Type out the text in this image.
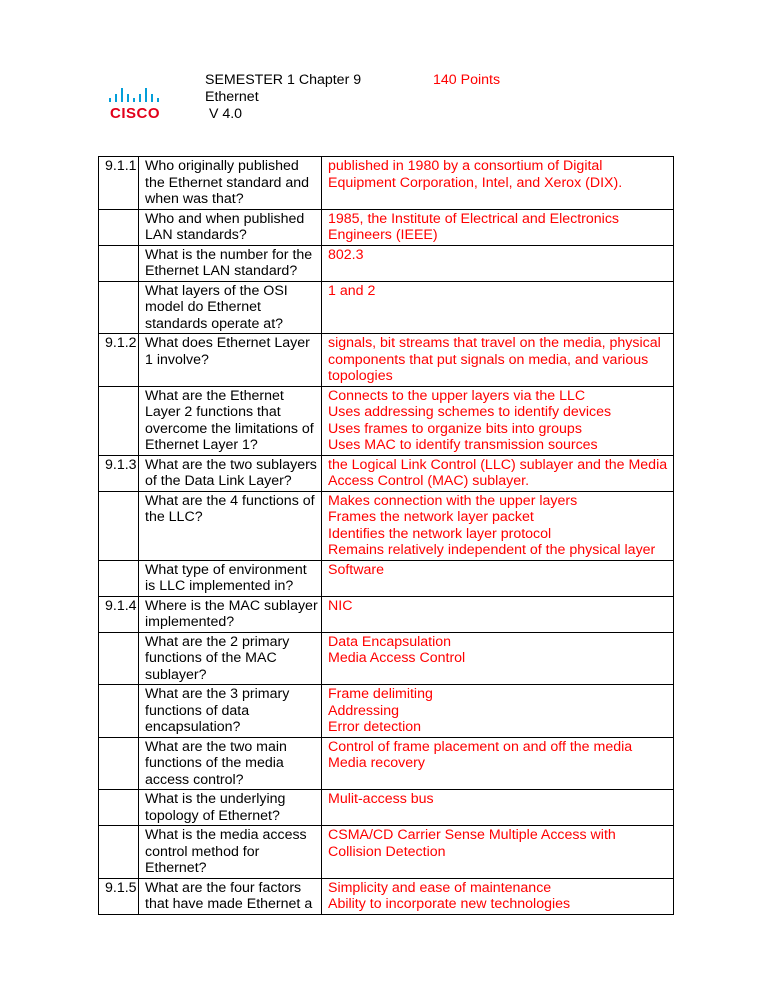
CISCO
SEMESTER 1 Chapter 9
Ethernet
V 4.0
140 Points
9.1.1	Who originally published the Ethernet standard and when was that?	published in 1980 by a consortium of Digital Equipment Corporation, Intel, and Xerox (DIX).

	Who and when published LAN standards?	1985, the Institute of Electrical and Electronics Engineers (IEEE)

	What is the number for the Ethernet LAN standard?	802.3

	What layers of the OSI model do Ethernet standards operate at?	1 and 2

9.1.2	What does Ethernet Layer 1 involve?	signals, bit streams that travel on the media, physical components that put signals on media, and various topologies

	What are the Ethernet Layer 2 functions that overcome the limitations of Ethernet Layer 1?	Connects to the upper layers via the LLC
Uses addressing schemes to identify devices
Uses frames to organize bits into groups
Uses MAC to identify transmission sources

9.1.3	What are the two sublayers of the Data Link Layer?	the Logical Link Control (LLC) sublayer and the Media Access Control (MAC) sublayer.

	What are the 4 functions of the LLC?	Makes connection with the upper layers
Frames the network layer packet
Identifies the network layer protocol
Remains relatively independent of the physical layer

	What type of environment is LLC implemented in?	Software

9.1.4	Where is the MAC sublayer implemented?	NIC

	What are the 2 primary functions of the MAC sublayer?	Data Encapsulation
Media Access Control

	What are the 3 primary functions of data encapsulation?	Frame delimiting
Addressing
Error detection

	What are the two main functions of the media access control?	Control of frame placement on and off the media
Media recovery

	What is the underlying topology of Ethernet?	Mulit-access bus

	What is the media access control method for Ethernet?	CSMA/CD Carrier Sense Multiple Access with Collision Detection

9.1.5	What are the four factors that have made Ethernet a	Simplicity and ease of maintenance
Ability to incorporate new technologies
